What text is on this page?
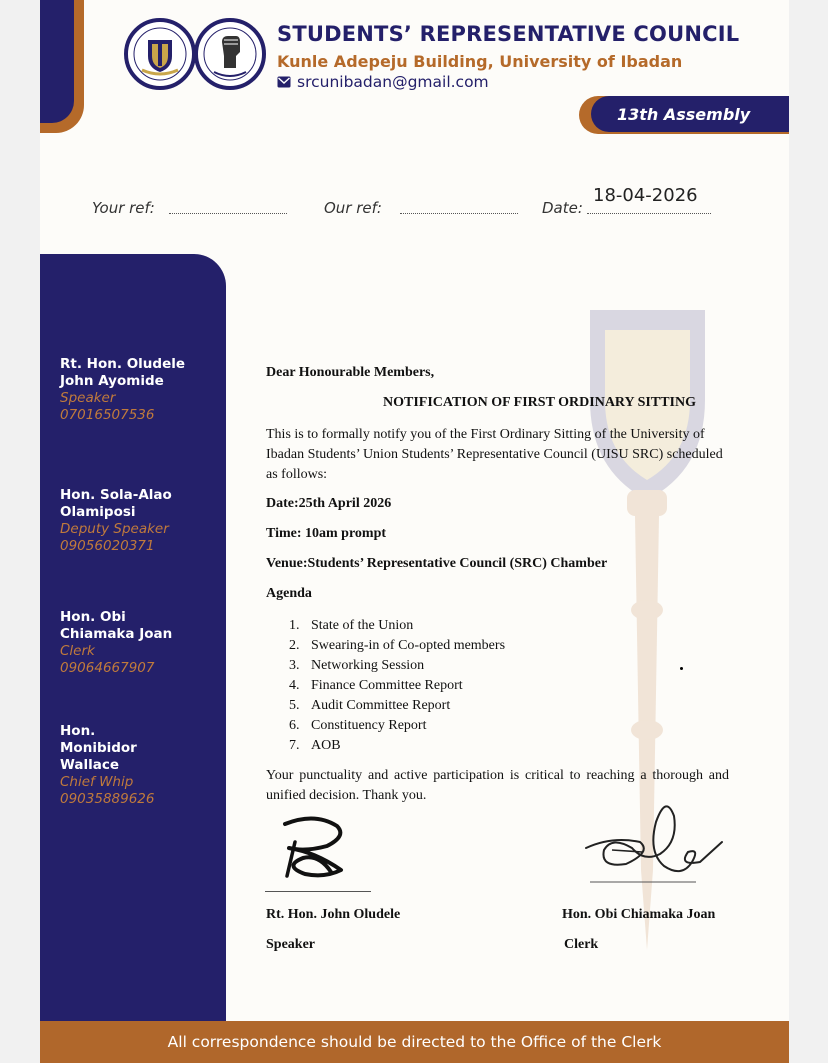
STUDENTS’ REPRESENTATIVE COUNCIL
Kunle Adepeju Building, University of Ibadan
srcunibadan@gmail.com
13th Assembly
Your ref:	Our ref:	Date:
18-04-2026
Rt. Hon. Oludele John Ayomide
Speaker
07016507536
Hon. Sola-Alao Olamiposi
Deputy Speaker
09056020371
Hon. Obi Chiamaka Joan
Clerk
09064667907
Hon. Monibidor Wallace
Chief Whip
09035889626
Dear Honourable Members,
NOTIFICATION OF FIRST ORDINARY SITTING
This is to formally notify you of the First Ordinary Sitting of the University of Ibadan Students’ Union Students’ Representative Council (UISU SRC) scheduled as follows:
Date:25th April 2026
Time: 10am prompt
Venue:Students’ Representative Council (SRC) Chamber
Agenda
1. State of the Union
2. Swearing-in of Co-opted members
3. Networking Session
4. Finance Committee Report
5. Audit Committee Report
6. Constituency Report
7. AOB
Your punctuality and active participation is critical to reaching a thorough and unified decision. Thank you.
Rt. Hon. John Oludele
Speaker
Hon. Obi Chiamaka Joan
Clerk
All correspondence should be directed to the Office of the Clerk
